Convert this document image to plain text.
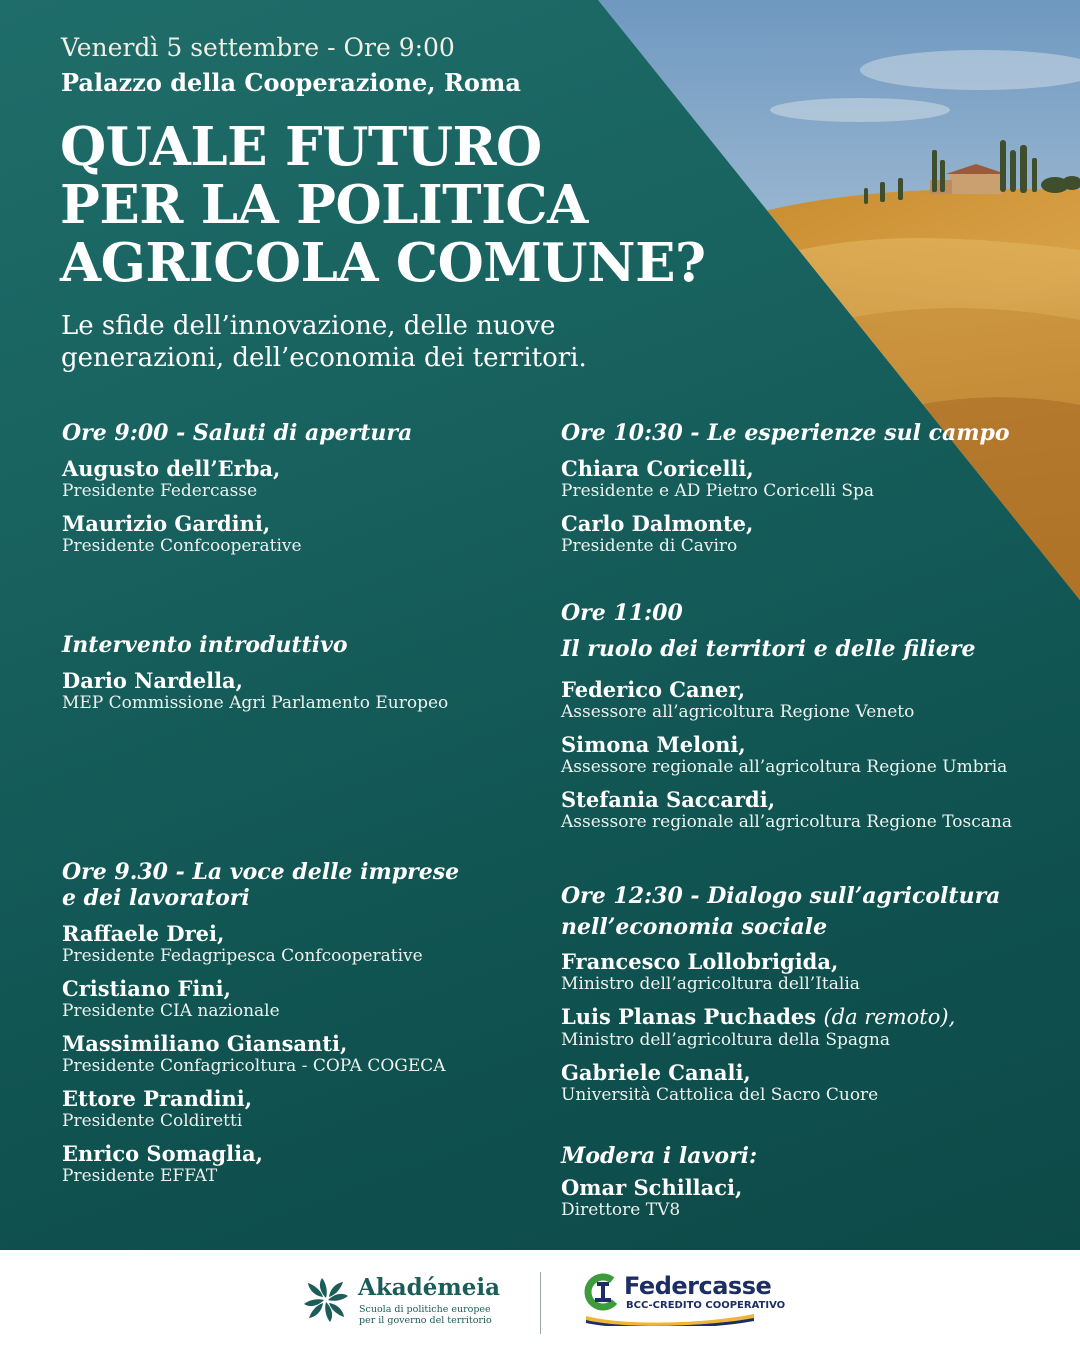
Venerdì 5 settembre - Ore 9:00
Palazzo della Cooperazione, Roma
QUALE FUTURO
PER LA POLITICA
AGRICOLA COMUNE?
Le sfide dell’innovazione, delle nuove
generazioni, dell’economia dei territori.
Ore 9:00 - Saluti di apertura
Augusto dell’Erba,
Presidente Federcasse
Maurizio Gardini,
Presidente Confcooperative
Intervento introduttivo
Dario Nardella,
MEP Commissione Agri Parlamento Europeo
Ore 9.30 - La voce delle imprese
e dei lavoratori
Raffaele Drei,
Presidente Fedagripesca Confcooperative
Cristiano Fini,
Presidente CIA nazionale
Massimiliano Giansanti,
Presidente Confagricoltura - COPA COGECA
Ettore Prandini,
Presidente Coldiretti
Enrico Somaglia,
Presidente EFFAT
Ore 10:30 - Le esperienze sul campo
Chiara Coricelli,
Presidente e AD Pietro Coricelli Spa
Carlo Dalmonte,
Presidente di Caviro
Ore 11:00
Il ruolo dei territori e delle filiere
Federico Caner,
Assessore all’agricoltura Regione Veneto
Simona Meloni,
Assessore regionale all’agricoltura Regione Umbria
Stefania Saccardi,
Assessore regionale all’agricoltura Regione Toscana
Ore 12:30 - Dialogo sull’agricoltura
nell’economia sociale
Francesco Lollobrigida,
Ministro dell’agricoltura dell’Italia
Luis Planas Puchades (da remoto),
Ministro dell’agricoltura della Spagna
Gabriele Canali,
Università Cattolica del Sacro Cuore
Modera i lavori:
Omar Schillaci,
Direttore TV8
Akadémeia
Scuola di politiche europee
per il governo del territorio
Federcasse
BCC-CREDITO COOPERATIVO
